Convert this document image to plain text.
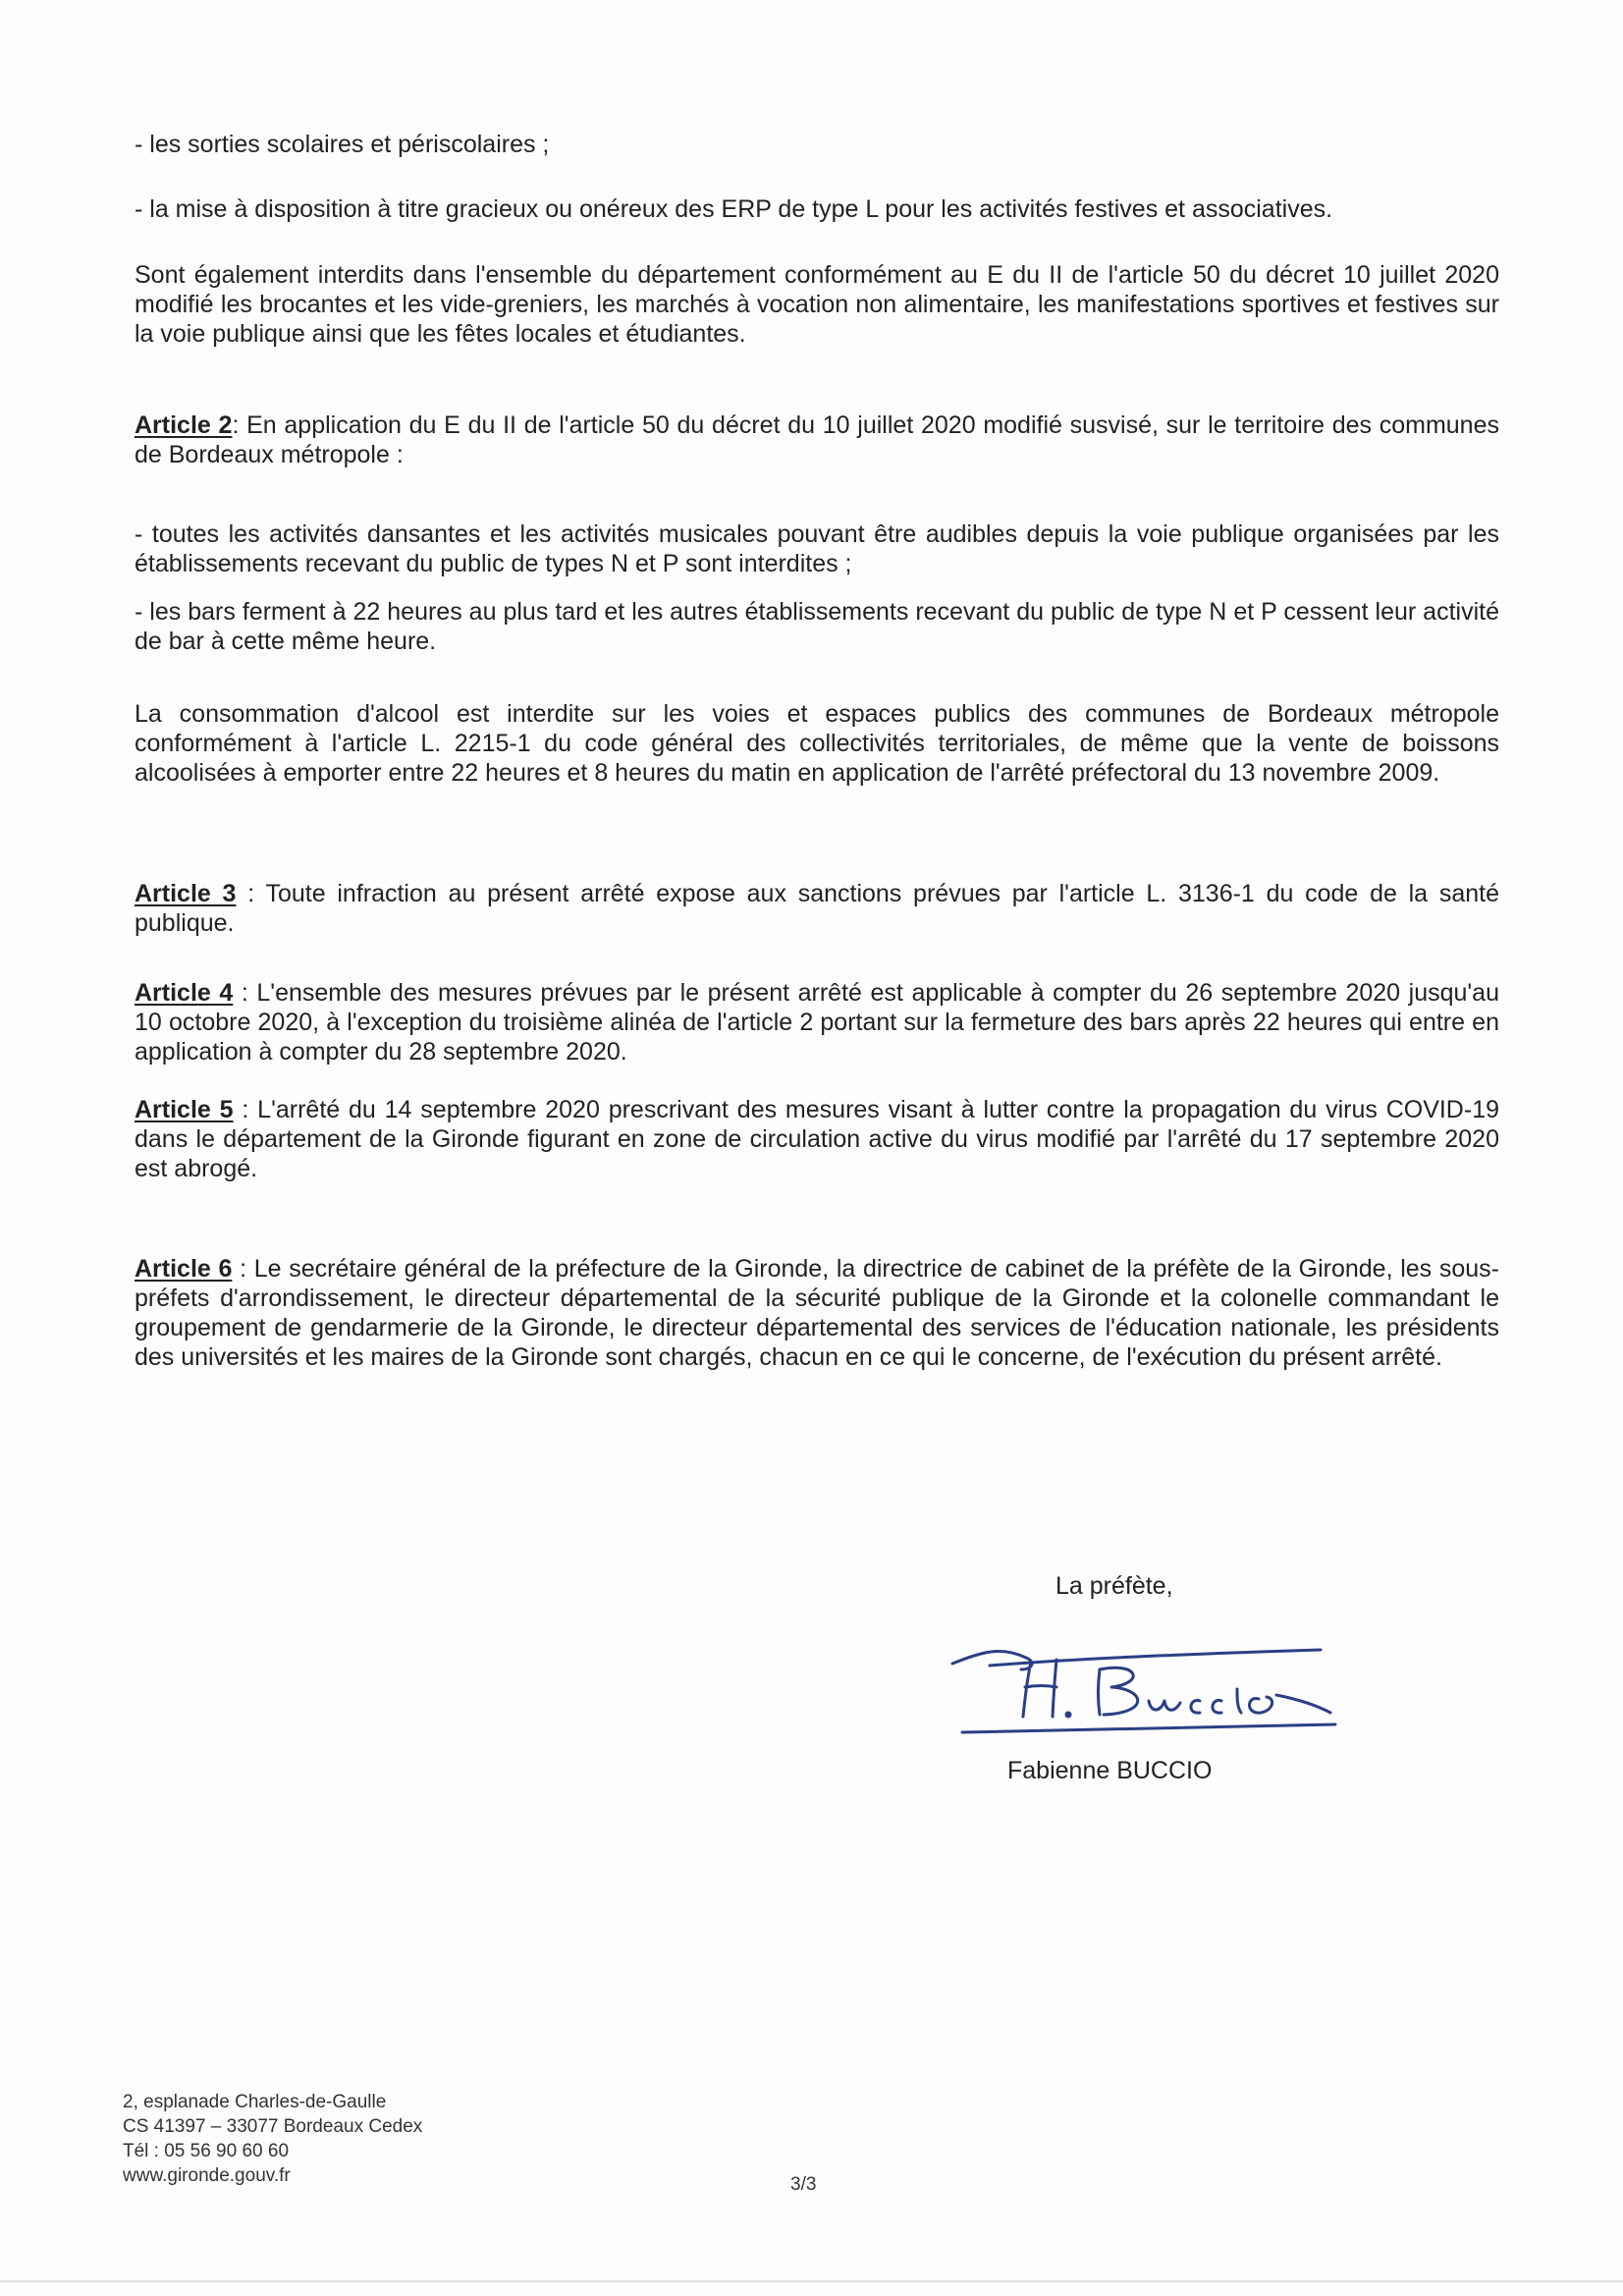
- les sorties scolaires et périscolaires ;

- la mise à disposition à titre gracieux ou onéreux des ERP de type L pour les activités festives et associatives.

Sont également interdits dans l'ensemble du département conformément au E du II de l'article 50 du décret 10 juillet 2020 modifié les brocantes et les vide-greniers, les marchés à vocation non alimentaire, les manifestations sportives et festives sur la voie publique ainsi que les fêtes locales et étudiantes.

Article 2: En application du E du II de l'article 50 du décret du 10 juillet 2020 modifié susvisé, sur le territoire des communes de Bordeaux métropole :

- toutes les activités dansantes et les activités musicales pouvant être audibles depuis la voie publique organisées par les établissements recevant du public de types N et P sont interdites ;

- les bars ferment à 22 heures au plus tard et les autres établissements recevant du public de type N et P cessent leur activité de bar à cette même heure.

La consommation d'alcool est interdite sur les voies et espaces publics des communes de Bordeaux métropole conformément à l'article L. 2215-1 du code général des collectivités territoriales, de même que la vente de boissons alcoolisées à emporter entre 22 heures et 8 heures du matin en application de l'arrêté préfectoral du 13 novembre 2009.

Article 3 : Toute infraction au présent arrêté expose aux sanctions prévues par l'article L. 3136-1 du code de la santé publique.

Article 4 : L'ensemble des mesures prévues par le présent arrêté est applicable à compter du 26 septembre 2020 jusqu'au 10 octobre 2020, à l'exception du troisième alinéa de l'article 2 portant sur la fermeture des bars après 22 heures qui entre en application à compter du 28 septembre 2020.

Article 5 : L'arrêté du 14 septembre 2020 prescrivant des mesures visant à lutter contre la propagation du virus COVID-19 dans le département de la Gironde figurant en zone de circulation active du virus modifié par l'arrêté du 17 septembre 2020 est abrogé.

Article 6 : Le secrétaire général de la préfecture de la Gironde, la directrice de cabinet de la préfète de la Gironde, les sous-préfets d'arrondissement, le directeur départemental de la sécurité publique de la Gironde et la colonelle commandant le groupement de gendarmerie de la Gironde, le directeur départemental des services de l'éducation nationale, les présidents des universités et les maires de la Gironde sont chargés, chacun en ce qui le concerne, de l'exécution du présent arrêté.

La préfète,
Fabienne BUCCIO
2, esplanade Charles-de-Gaulle
CS 41397 – 33077 Bordeaux Cedex
Tél : 05 56 90 60 60
www.gironde.gouv.fr	3/3
